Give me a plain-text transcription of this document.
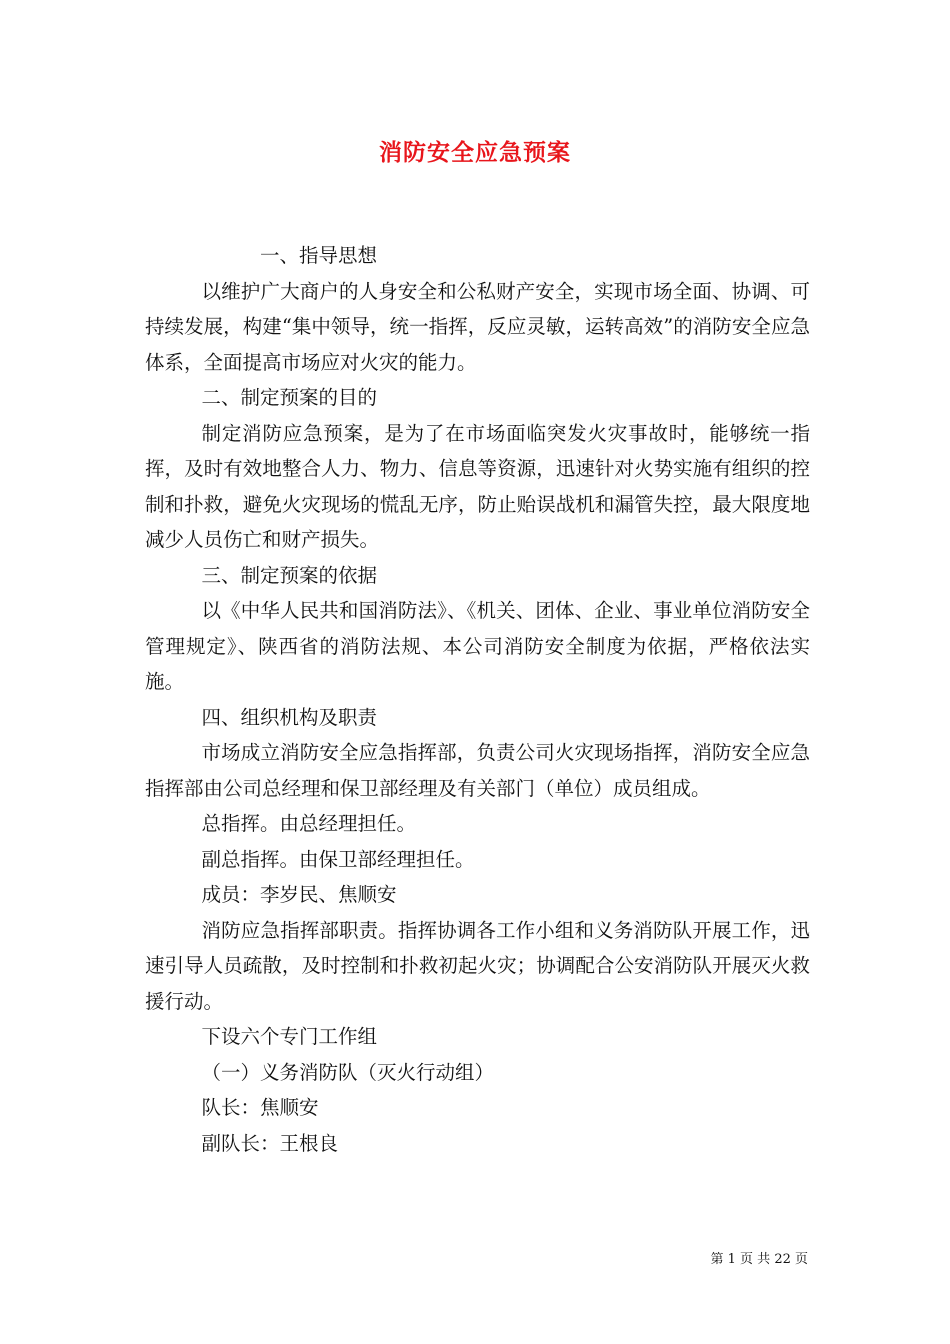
消防安全应急预案

一、指导思想

以维护广大商户的人身安全和公私财产安全，实现市场全面、协调、可持续发展，构建“集中领导，统一指挥，反应灵敏，运转高效”的消防安全应急体系，全面提高市场应对火灾的能力。

二、制定预案的目的

制定消防应急预案，是为了在市场面临突发火灾事故时，能够统一指挥，及时有效地整合人力、物力、信息等资源，迅速针对火势实施有组织的控制和扑救，避免火灾现场的慌乱无序，防止贻误战机和漏管失控，最大限度地减少人员伤亡和财产损失。

三、制定预案的依据

以《中华人民共和国消防法》、《机关、团体、企业、事业单位消防安全管理规定》、陕西省的消防法规、本公司消防安全制度为依据，严格依法实施。

四、组织机构及职责

市场成立消防安全应急指挥部，负责公司火灾现场指挥，消防安全应急指挥部由公司总经理和保卫部经理及有关部门（单位）成员组成。

总指挥。由总经理担任。

副总指挥。由保卫部经理担任。

成员：李岁民、焦顺安

消防应急指挥部职责。指挥协调各工作小组和义务消防队开展工作，迅速引导人员疏散，及时控制和扑救初起火灾；协调配合公安消防队开展灭火救援行动。

下设六个专门工作组

（一）义务消防队（灭火行动组）

队长：焦顺安

副队长：王根良

第 1 页 共 22 页
